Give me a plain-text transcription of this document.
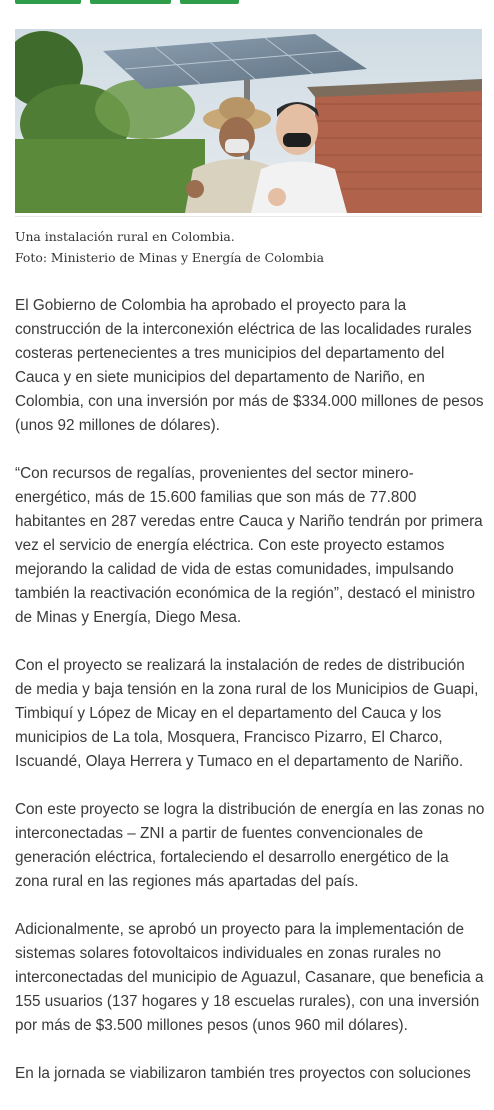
Una instalación rural en Colombia.
Foto: Ministerio de Minas y Energía de Colombia

El Gobierno de Colombia ha aprobado el proyecto para la construcción de la interconexión eléctrica de las localidades rurales costeras pertenecientes a tres municipios del departamento del Cauca y en siete municipios del departamento de Nariño, en Colombia, con una inversión por más de $334.000 millones de pesos (unos 92 millones de dólares).

“Con recursos de regalías, provenientes del sector minero-energético, más de 15.600 familias que son más de 77.800 habitantes en 287 veredas entre Cauca y Nariño tendrán por primera vez el servicio de energía eléctrica. Con este proyecto estamos mejorando la calidad de vida de estas comunidades, impulsando también la reactivación económica de la región”, destacó el ministro de Minas y Energía, Diego Mesa.

Con el proyecto se realizará la instalación de redes de distribución de media y baja tensión en la zona rural de los Municipios de Guapi, Timbiquí y López de Micay en el departamento del Cauca y los municipios de La tola, Mosquera, Francisco Pizarro, El Charco, Iscuandé, Olaya Herrera y Tumaco en el departamento de Nariño.

Con este proyecto se logra la distribución de energía en las zonas no interconectadas – ZNI a partir de fuentes convencionales de generación eléctrica, fortaleciendo el desarrollo energético de la zona rural en las regiones más apartadas del país.

Adicionalmente, se aprobó un proyecto para la implementación de sistemas solares fotovoltaicos individuales en zonas rurales no interconectadas del municipio de Aguazul, Casanare, que beneficia a 155 usuarios (137 hogares y 18 escuelas rurales), con una inversión por más de $3.500 millones pesos (unos 960 mil dólares).

En la jornada se viabilizaron también tres proyectos con soluciones
